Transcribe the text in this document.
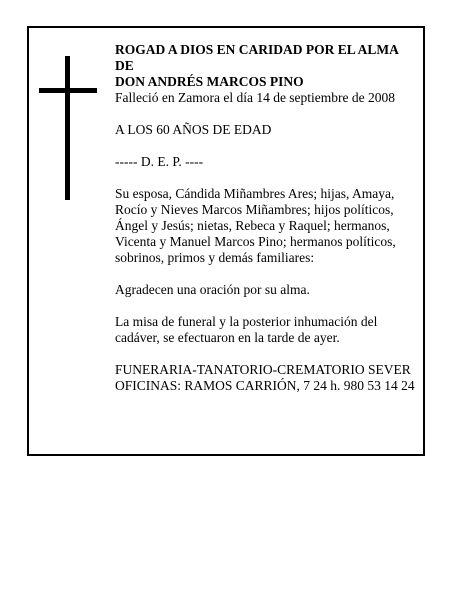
ROGAD A DIOS EN CARIDAD POR EL ALMA
DE
DON ANDRÉS MARCOS PINO
Falleció en Zamora el día 14 de septiembre de 2008
A LOS 60 AÑOS DE EDAD
----- D. E. P. ----
Su esposa, Cándida Miñambres Ares; hijas, Amaya,
Rocío y Nieves Marcos Miñambres; hijos políticos,
Ángel y Jesús; nietas, Rebeca y Raquel; hermanos,
Vicenta y Manuel Marcos Pino; hermanos políticos,
sobrinos, primos y demás familiares:
Agradecen una oración por su alma.
La misa de funeral y la posterior inhumación del
cadáver, se efectuaron en la tarde de ayer.
FUNERARIA-TANATORIO-CREMATORIO SEVER
OFICINAS: RAMOS CARRIÓN, 7 24 h. 980 53 14 24
